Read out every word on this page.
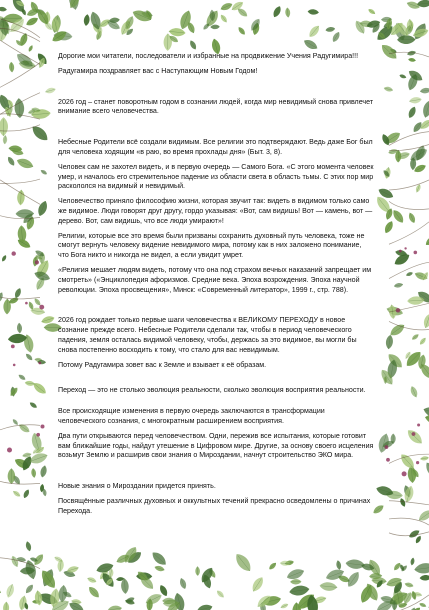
Дорогие мои читатели, последователи и избранные на продвижение Учения Радугимира!!!

Радугамира поздравляет вас с Наступающим Новым Годом!

2026 год – станет поворотным годом в сознании людей, когда мир невидимый снова привлечет внимание всего человечества.

Небесные Родители всё создали видимым. Все религии это подтверждают. Ведь даже Бог был для человека ходящим «в раю, во время прохлады дня» (Быт. 3, 8).

Человек сам не захотел видеть, и в первую очередь — Самого Бога. «С этого момента человек умер, и началось его стремительное падение из области света в область тьмы. С этих пор мир раскололся на видимый и невидимый.

Человечество приняло философию жизни, которая звучит так: видеть в видимом только само же видимое. Люди говорят друг другу, гордо указывая: «Вот, сам видишь! Вот — камень, вот — дерево. Вот, сам видишь, что все люди умирают»!

Религии, которые все это время были призваны сохранить духовный путь человека, тоже не смогут вернуть человеку видение невидимого мира, потому как в них заложено понимание, что Бога никто и никогда не видел, а если увидит умрет.

«Религия мешает людям видеть, потому что она под страхом вечных наказаний запрещает им смотреть» («Энциклопедия афоризмов. Средние века. Эпоха возрождения. Эпоха научной революции. Эпоха просвещения», Минск: «Современный литератор», 1999 г., стр. 788).

2026 год рождает только первые шаги человечества к ВЕЛИКОМУ ПЕРЕХОДУ в новое сознание прежде всего. Небесные Родители сделали так, чтобы в период человеческого падения, земля осталась видимой человеку, чтобы, держась за это видимое, вы могли бы снова постепенно восходить к тому, что стало для вас невидимым.

Потому Радугамира зовет вас к Земле и взывает к её образам.

Переход — это не столько эволюция реальности, сколько эволюция восприятия реальности.

Все происходящие изменения в первую очередь заключаются в трансформации человеческого сознания, с многократным расширением восприятия.

Два пути открываются перед человечеством. Одни, пережив все испытания, которые готовит вам ближайшие годы, найдут утешение в Цифровом мире. Другие, за основу своего исцеления возьмут Землю и расширив свои знания о Мироздании, начнут строительство ЭКО мира.

Новые знания о Мироздании придется принять.

Посвящённые различных духовных и оккультных течений прекрасно осведомлены о причинах Перехода.
